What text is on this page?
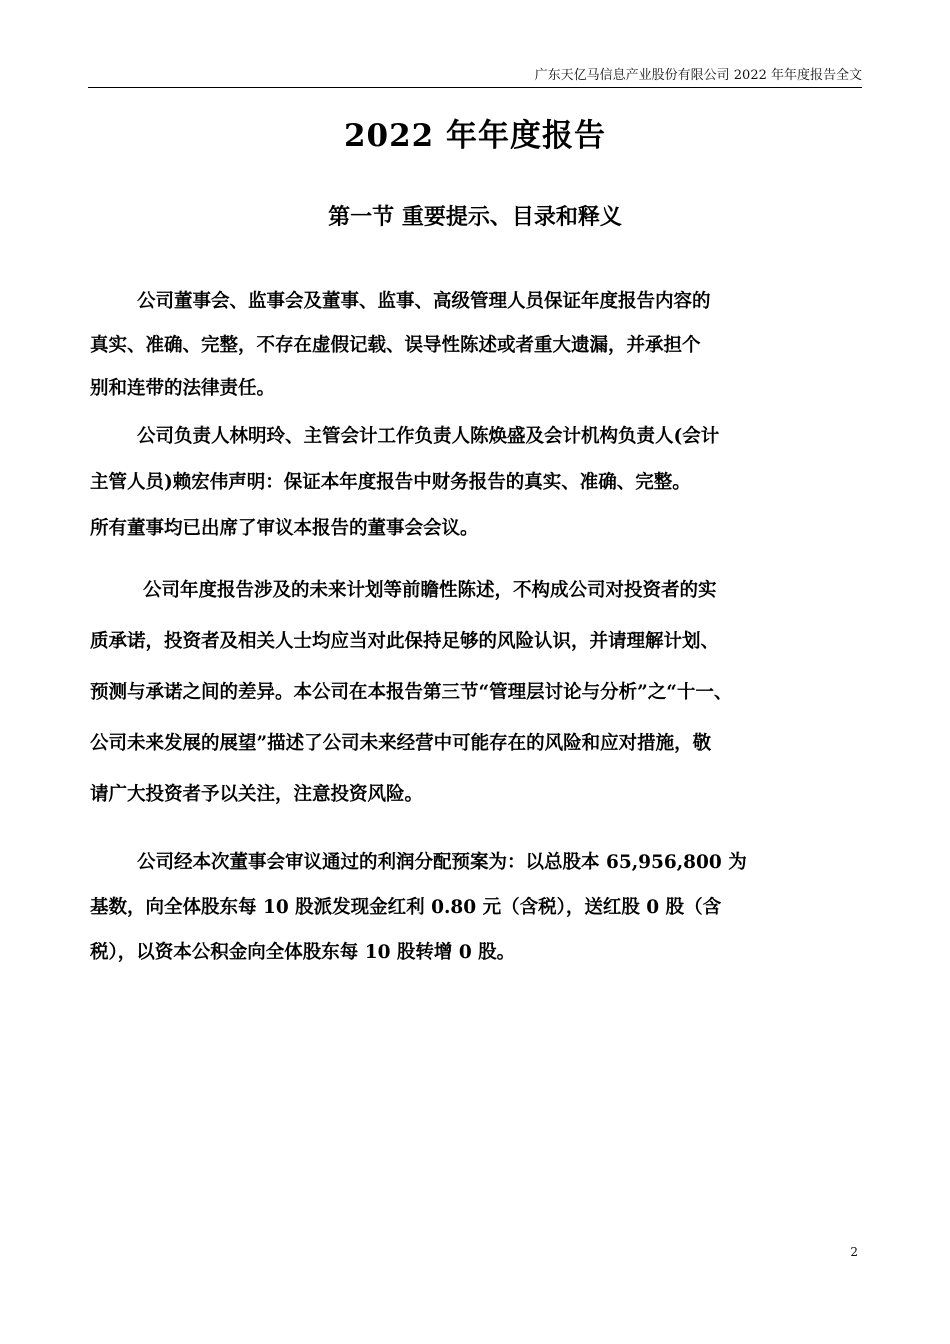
广东天亿马信息产业股份有限公司 2022 年年度报告全文
2022 年年度报告
第一节 重要提示、目录和释义
公司董事会、监事会及董事、监事、高级管理人员保证年度报告内容的
真实、准确、完整，不存在虚假记载、误导性陈述或者重大遗漏，并承担个
别和连带的法律责任。
公司负责人林明玲、主管会计工作负责人陈焕盛及会计机构负责人(会计
主管人员)赖宏伟声明：保证本年度报告中财务报告的真实、准确、完整。
所有董事均已出席了审议本报告的董事会会议。
公司年度报告涉及的未来计划等前瞻性陈述，不构成公司对投资者的实
质承诺，投资者及相关人士均应当对此保持足够的风险认识，并请理解计划、
预测与承诺之间的差异。本公司在本报告第三节“管理层讨论与分析”之“十一、
公司未来发展的展望”描述了公司未来经营中可能存在的风险和应对措施，敬
请广大投资者予以关注，注意投资风险。
公司经本次董事会审议通过的利润分配预案为：以总股本 65,956,800 为
基数，向全体股东每 10 股派发现金红利 0.80 元（含税），送红股 0 股（含
税），以资本公积金向全体股东每 10 股转增 0 股。
2
